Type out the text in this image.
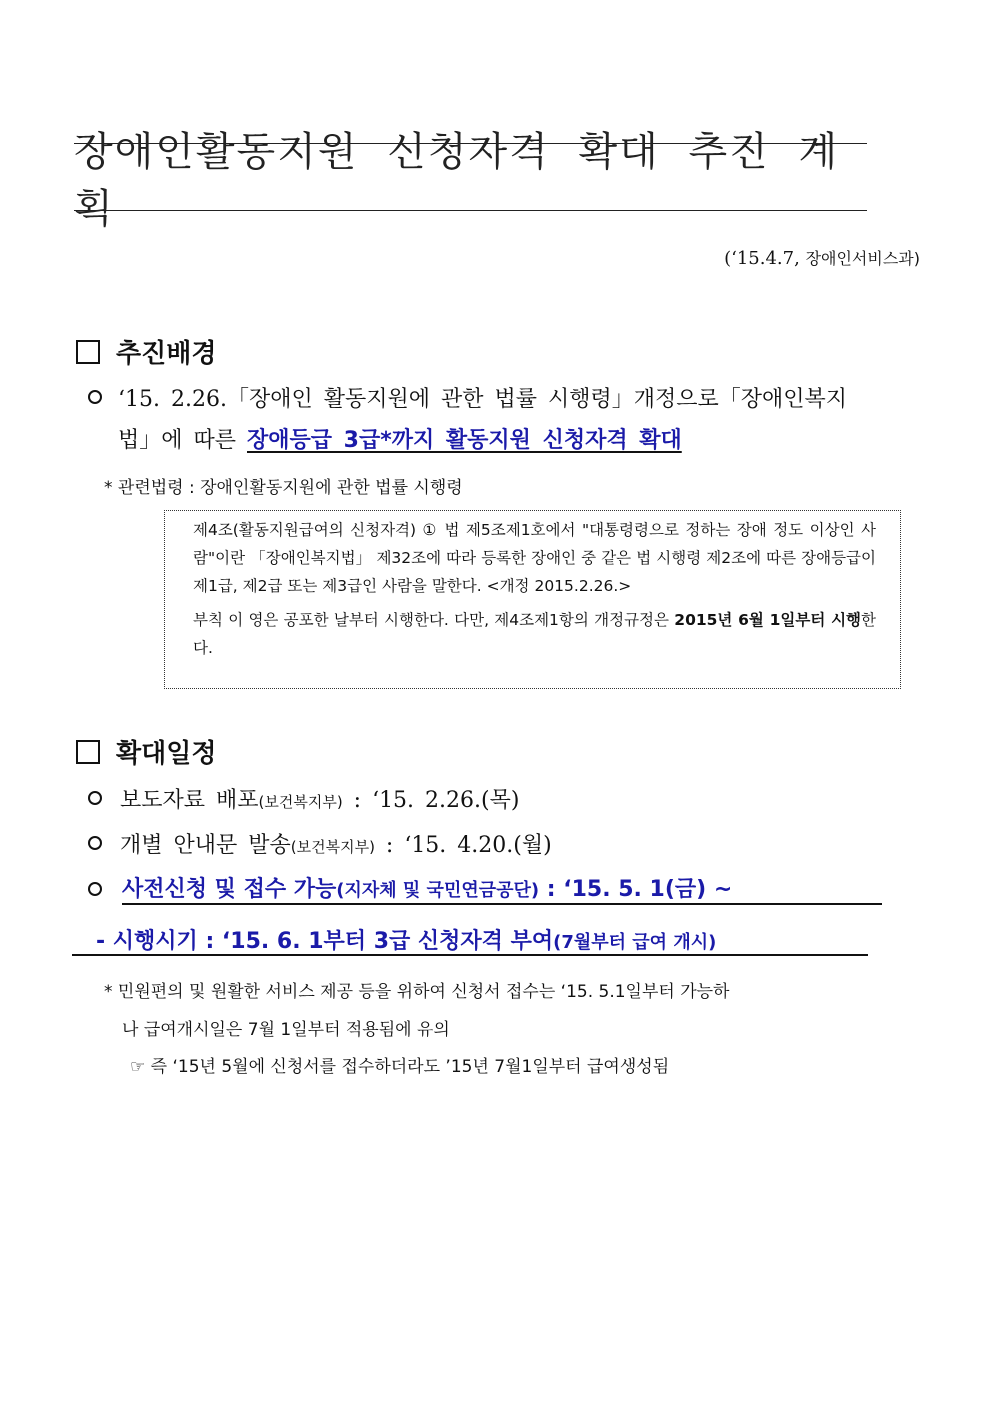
장애인활동지원 신청자격 확대 추진 계획
(‘15.4.7, 장애인서비스과)
추진배경
‘15. 2.26.「장애인 활동지원에 관한 법률 시행령」개정으로「장애인복지
법」에 따른 장애등급 3급*까지 활동지원 신청자격 확대
* 관련법령 : 장애인활동지원에 관한 법률 시행령

제4조(활동지원급여의 신청자격) ① 법 제5조제1호에서 "대통령령으로 정하는 장애 정도 이상인 사람"이란 「장애인복지법」 제32조에 따라 등록한 장애인 중 같은 법 시행령 제2조에 따른 장애등급이 제1급, 제2급 또는 제3급인 사람을 말한다. <개정 2015.2.26.>

부칙 이 영은 공포한 날부터 시행한다. 다만, 제4조제1항의 개정규정은 2015년 6월 1일부터 시행한다.

확대일정
보도자료 배포(보건복지부) : ‘15. 2.26.(목)
개별 안내문 발송(보건복지부) : ‘15. 4.20.(월)
사전신청 및 접수 가능(지자체 및 국민연금공단) : ‘15. 5. 1(금) ~
- 시행시기 : ‘15. 6. 1부터 3급 신청자격 부여(7월부터 급여 개시)
* 민원편의 및 원활한 서비스 제공 등을 위하여 신청서 접수는 ‘15. 5.1일부터 가능하
나 급여개시일은 7월 1일부터 적용됨에 유의
☞ 즉 ‘15년 5월에 신청서를 접수하더라도 ’15년 7월1일부터 급여생성됨
